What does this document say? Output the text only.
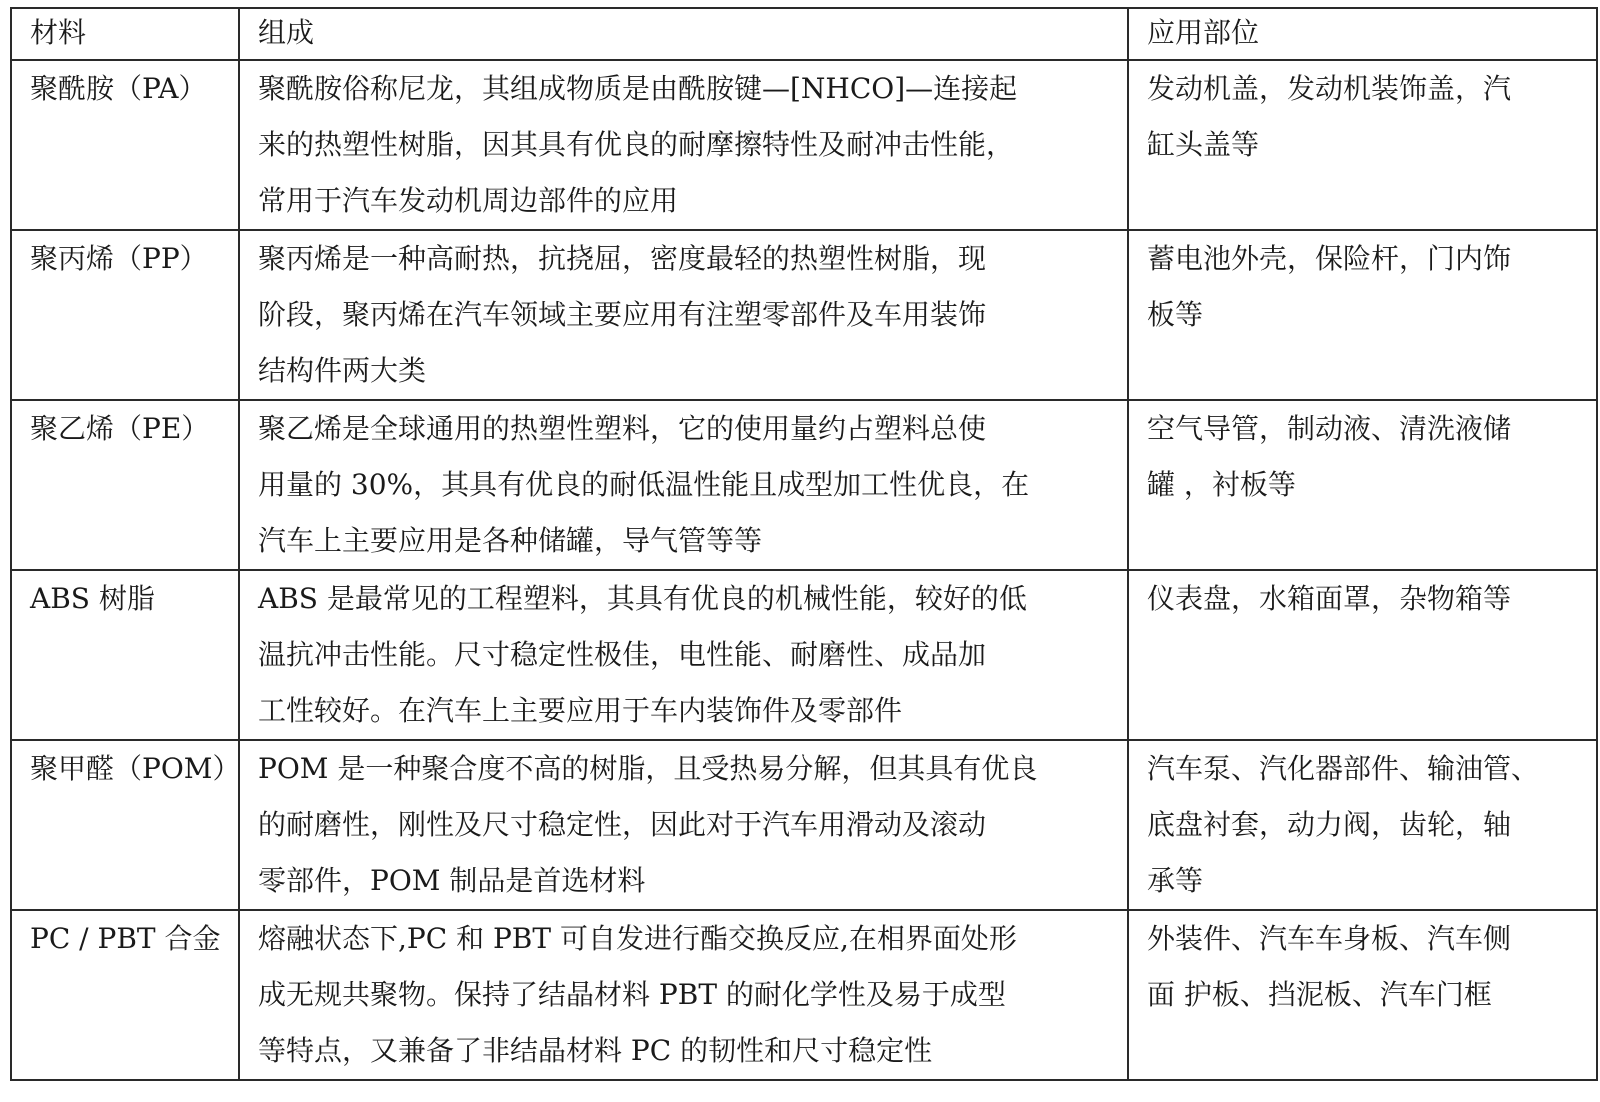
材料	组成	应用部位

聚酰胺（PA）	聚酰胺俗称尼龙，其组成物质是由酰胺键—[NHCO]—连接起
来的热塑性树脂，因其具有优良的耐摩擦特性及耐冲击性能，
常用于汽车发动机周边部件的应用	发动机盖，发动机装饰盖，汽
缸头盖等

聚丙烯（PP）	聚丙烯是一种高耐热，抗挠屈，密度最轻的热塑性树脂，现
阶段，聚丙烯在汽车领域主要应用有注塑零部件及车用装饰
结构件两大类	蓄电池外壳，保险杆，门内饰
板等

聚乙烯（PE）	聚乙烯是全球通用的热塑性塑料，它的使用量约占塑料总使
用量的 30%，其具有优良的耐低温性能且成型加工性优良，在
汽车上主要应用是各种储罐，导气管等等	空气导管，制动液、清洗液储
罐 ，衬板等

ABS 树脂	ABS 是最常见的工程塑料，其具有优良的机械性能，较好的低
温抗冲击性能。尺寸稳定性极佳，电性能、耐磨性、成品加
工性较好。在汽车上主要应用于车内装饰件及零部件	仪表盘，水箱面罩，杂物箱等

聚甲醛（POM）	POM 是一种聚合度不高的树脂，且受热易分解，但其具有优良
的耐磨性，刚性及尺寸稳定性，因此对于汽车用滑动及滚动
零部件，POM 制品是首选材料	汽车泵、汽化器部件、输油管、
底盘衬套，动力阀，齿轮，轴
承等

PC / PBT 合金	熔融状态下,PC 和 PBT 可自发进行酯交换反应,在相界面处形
成无规共聚物。保持了结晶材料 PBT 的耐化学性及易于成型
等特点，又兼备了非结晶材料 PC 的韧性和尺寸稳定性	外装件、汽车车身板、汽车侧
面 护板、挡泥板、汽车门框
